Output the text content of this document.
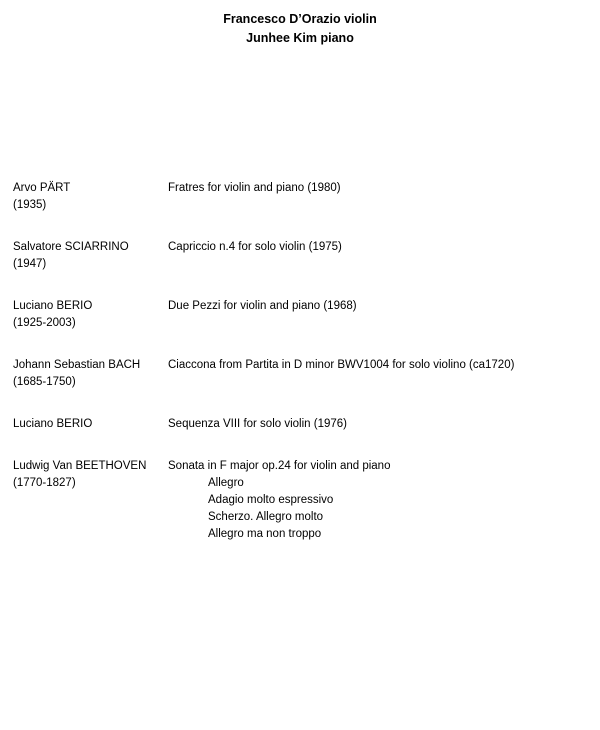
Francesco D’Orazio violin
Junhee Kim piano
Arvo PÄRT
(1935)
Fratres for violin and piano (1980)
Salvatore SCIARRINO
(1947)
Capriccio n.4 for solo violin (1975)
Luciano BERIO
(1925-2003)
Due Pezzi for violin and piano (1968)
Johann Sebastian BACH
(1685-1750)
Ciaccona from Partita in D minor BWV1004 for solo violino (ca1720)
Luciano BERIO	Sequenza VIII for solo violin (1976)
Ludwig Van BEETHOVEN
(1770-1827)
Sonata in F major op.24 for violin and piano
Allegro
Adagio molto espressivo
Scherzo. Allegro molto
Allegro ma non troppo
